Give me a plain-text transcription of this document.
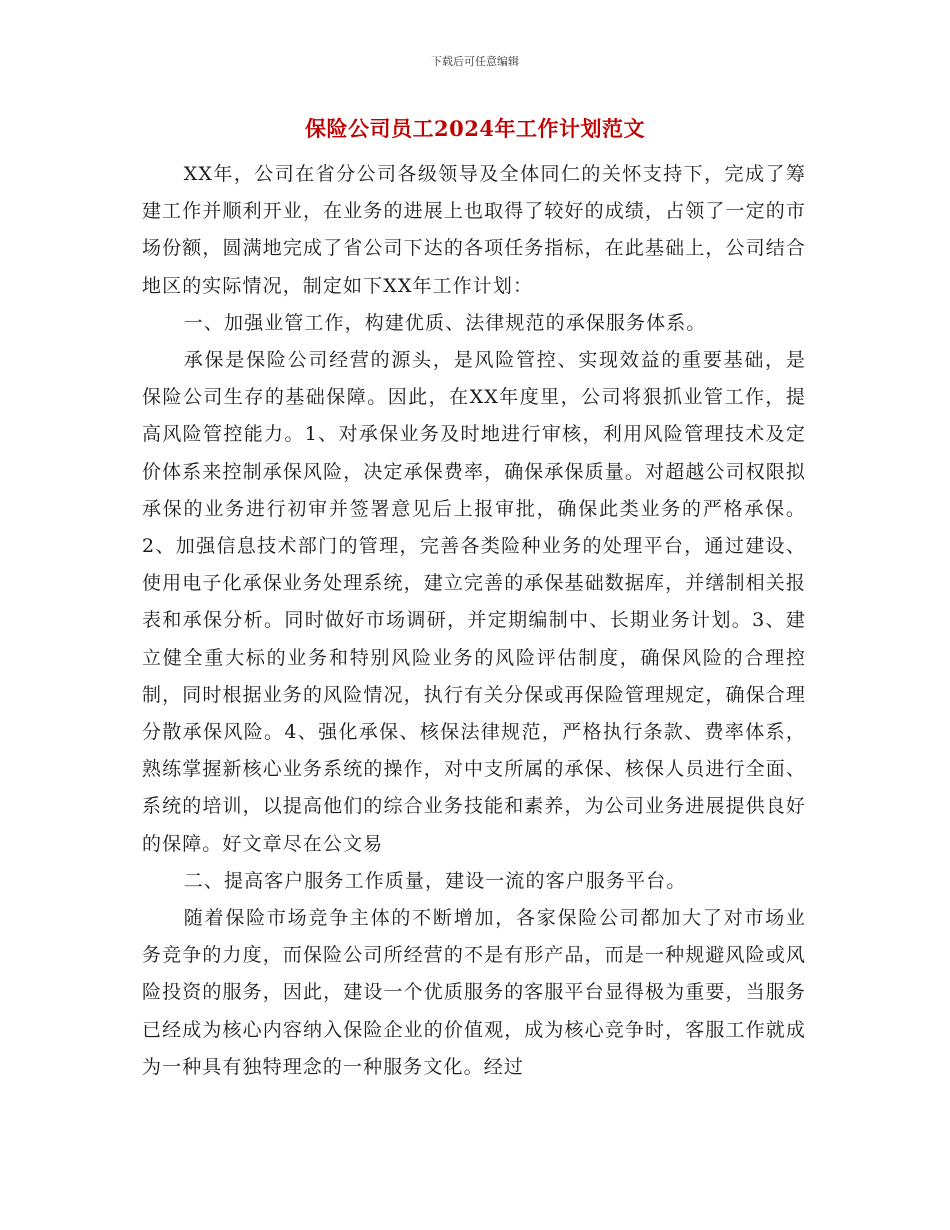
下载后可任意编辑
保险公司员工2024年工作计划范文

XX年，公司在省分公司各级领导及全体同仁的关怀支持下，完成了筹建工作并顺利开业，在业务的进展上也取得了较好的成绩，占领了一定的市场份额，圆满地完成了省公司下达的各项任务指标，在此基础上，公司结合地区的实际情况，制定如下XX年工作计划：

一、加强业管工作，构建优质、法律规范的承保服务体系。

承保是保险公司经营的源头，是风险管控、实现效益的重要基础，是保险公司生存的基础保障。因此，在XX年度里，公司将狠抓业管工作，提高风险管控能力。1、对承保业务及时地进行审核，利用风险管理技术及定价体系来控制承保风险，决定承保费率，确保承保质量。对超越公司权限拟承保的业务进行初审并签署意见后上报审批，确保此类业务的严格承保。2、加强信息技术部门的管理，完善各类险种业务的处理平台，通过建设、使用电子化承保业务处理系统，建立完善的承保基础数据库，并缮制相关报表和承保分析。同时做好市场调研，并定期编制中、长期业务计划。3、建立健全重大标的业务和特别风险业务的风险评估制度，确保风险的合理控制，同时根据业务的风险情况，执行有关分保或再保险管理规定，确保合理分散承保风险。4、强化承保、核保法律规范，严格执行条款、费率体系，熟练掌握新核心业务系统的操作，对中支所属的承保、核保人员进行全面、系统的培训，以提高他们的综合业务技能和素养，为公司业务进展提供良好的保障。好文章尽在公文易

二、提高客户服务工作质量，建设一流的客户服务平台。

随着保险市场竞争主体的不断增加，各家保险公司都加大了对市场业务竞争的力度，而保险公司所经营的不是有形产品，而是一种规避风险或风险投资的服务，因此，建设一个优质服务的客服平台显得极为重要，当服务已经成为核心内容纳入保险企业的价值观，成为核心竞争时，客服工作就成为一种具有独特理念的一种服务文化。经过
